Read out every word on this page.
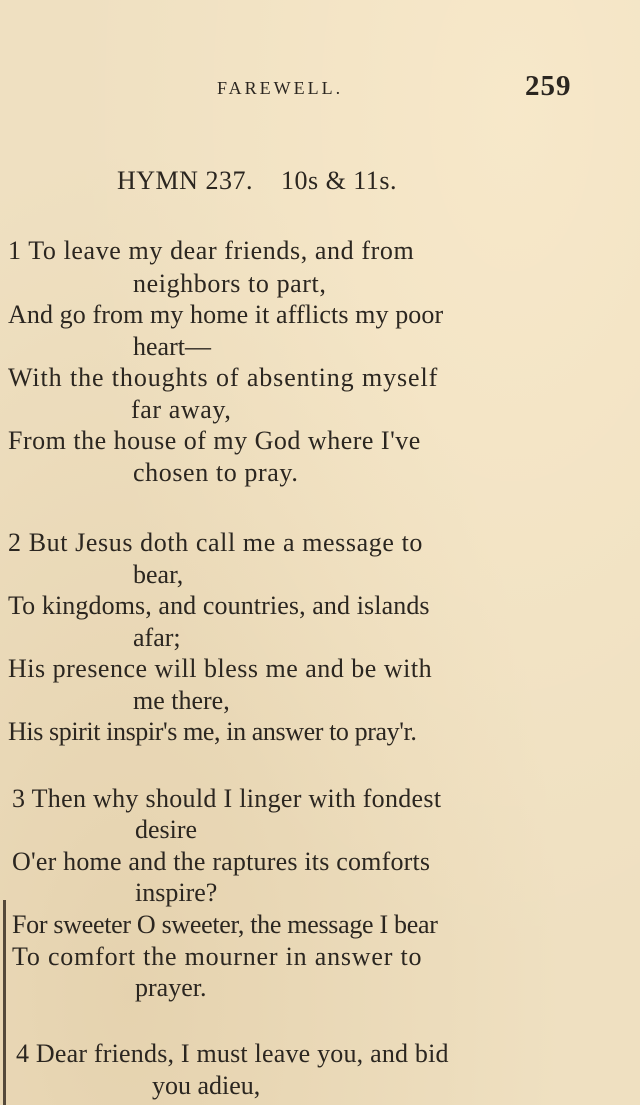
FAREWELL.	259
HYMN 237. 10s & 11s.
1 To leave my dear friends, and from
neighbors to part,
And go from my home it afflicts my poor
heart—
With the thoughts of absenting myself
far away,
From the house of my God where I've
chosen to pray.
2 But Jesus doth call me a message to
bear,
To kingdoms, and countries, and islands
afar;
His presence will bless me and be with
me there,
His spirit inspir's me, in answer to pray'r.
3 Then why should I linger with fondest
desire
O'er home and the raptures its comforts
inspire?
For sweeter O sweeter, the message I bear
To comfort the mourner in answer to
prayer.
4 Dear friends, I must leave you, and bid
you adieu,
